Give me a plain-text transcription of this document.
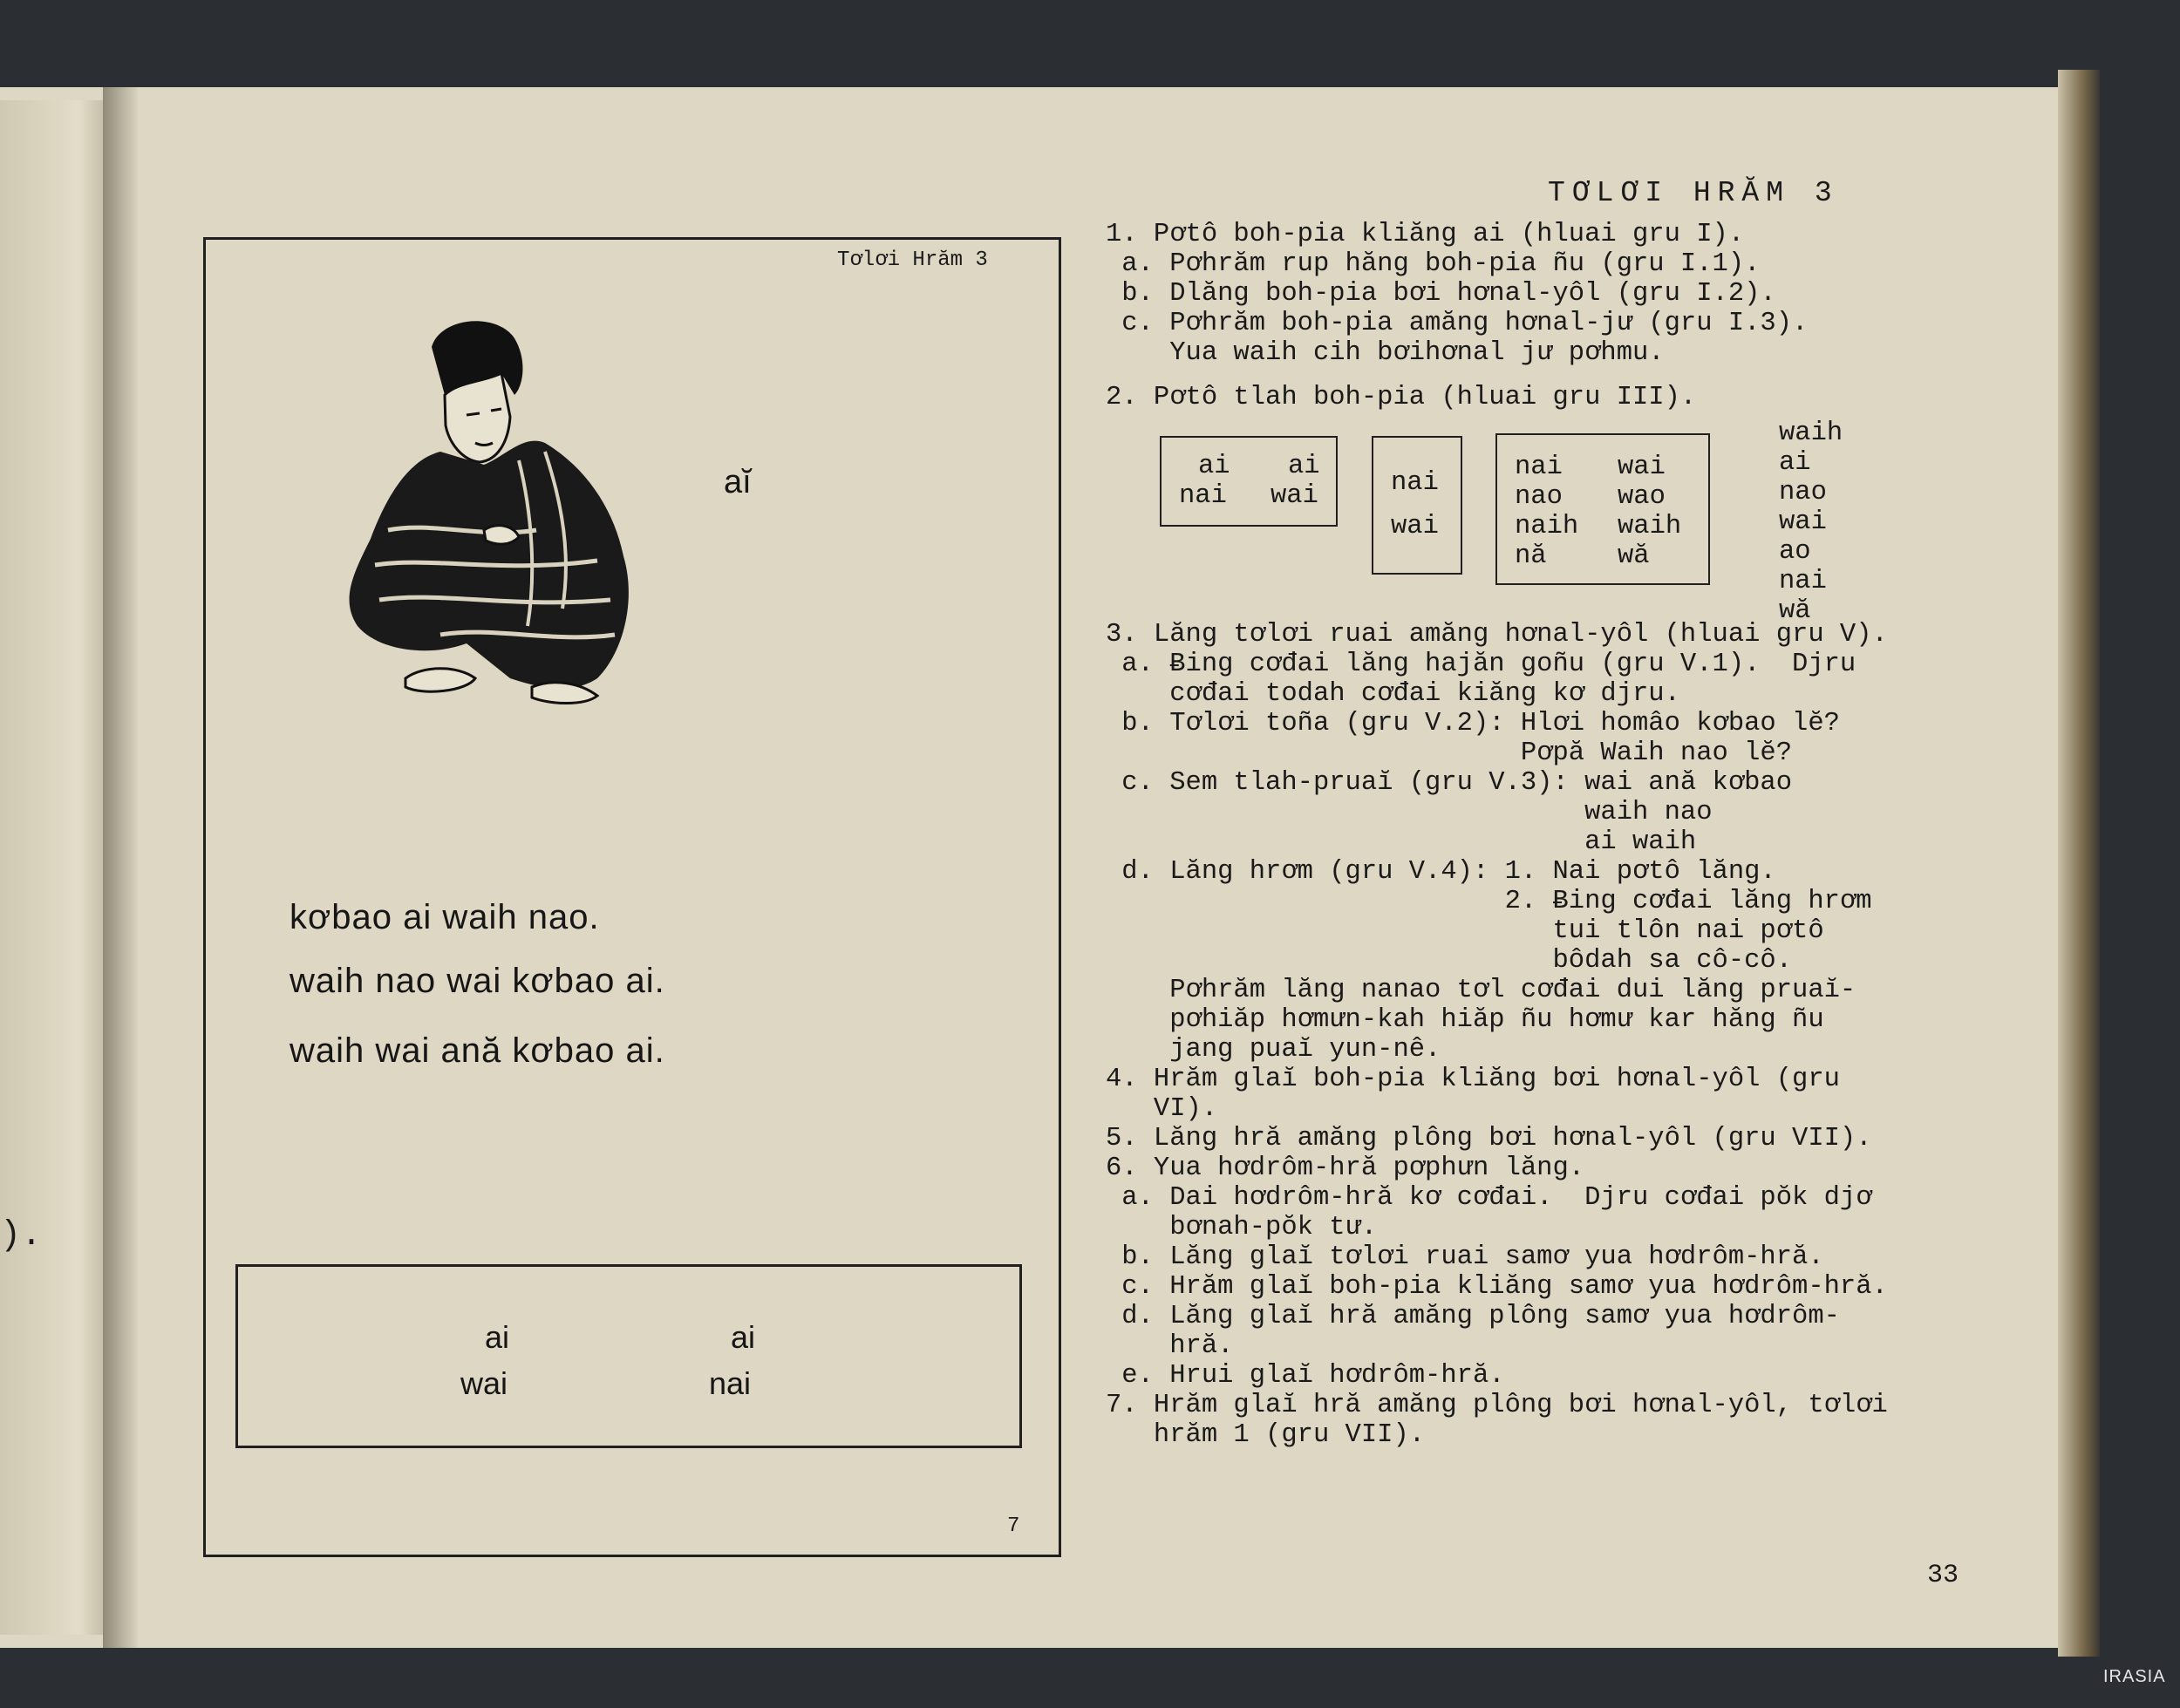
).
Tơlơi Hrăm 3
aĭ
kơbao ai waih nao.
waih nao wai kơbao ai.
waih wai ană kơbao ai.
ai
wai
ai
nai
7
TƠLƠI HRĂM 3
1. Pơtô boh-pia kliăng ai (hluai gru I).
a. Pơhrăm rup hăng boh-pia ñu (gru I.1).
b. Dlăng boh-pia bơi hơnal-yôl (gru I.2).
c. Pơhrăm boh-pia amăng hơnal-jư (gru I.3).
Yua waih cih bơihơnal jư pơhmu.
2. Pơtô tlah boh-pia (hluai gru III).
3. Lăng tơlơi ruai amăng hơnal-yôl (hluai gru V).
a. Ƀing cơđai lăng hajăn goñu (gru V.1).  Djru
cơđai todah cơđai kiăng kơ djru.
b. Tơlơi toña (gru V.2): Hlơi homâo kơbao lĕ?
Pơpă Waih nao lĕ?
c. Sem tlah-pruaĭ (gru V.3): wai ană kơbao
waih nao
ai waih
d. Lăng hrơm (gru V.4): 1. Nai pơtô lăng.
2. Ƀing cơđai lăng hrơm
tui tlôn nai pơtô
bôdah sa cô-cô.
Pơhrăm lăng nanao tơl cơđai dui lăng pruaĭ-
pơhiăp hơmưn-kah hiăp ñu hơmư kar hăng ñu
jang puaĭ yun-nê.
4. Hrăm glaĭ boh-pia kliăng bơi hơnal-yôl (gru
VI).
5. Lăng hră amăng plông bơi hơnal-yôl (gru VII).
6. Yua hơdrôm-hră pơphưn lăng.
a. Dai hơdrôm-hră kơ cơđai.  Djru cơđai pŏk djơ
bơnah-pŏk tư.
b. Lăng glaĭ tơlơi ruai samơ yua hơdrôm-hră.
c. Hrăm glaĭ boh-pia kliăng samơ yua hơdrôm-hră.
d. Lăng glaĭ hră amăng plông samơ yua hơdrôm-
hră.
e. Hrui glaĭ hơdrôm-hră.
7. Hrăm glaĭ hră amăng plông bơi hơnal-yôl, tơlơi
hrăm 1 (gru VII).
ai ai
nai wai	nai
wai
nai
nao
naih
nă
wai
wao
waih
wă
waih
ai
nao
wai
ao
nai
wă
33
IRASIA
